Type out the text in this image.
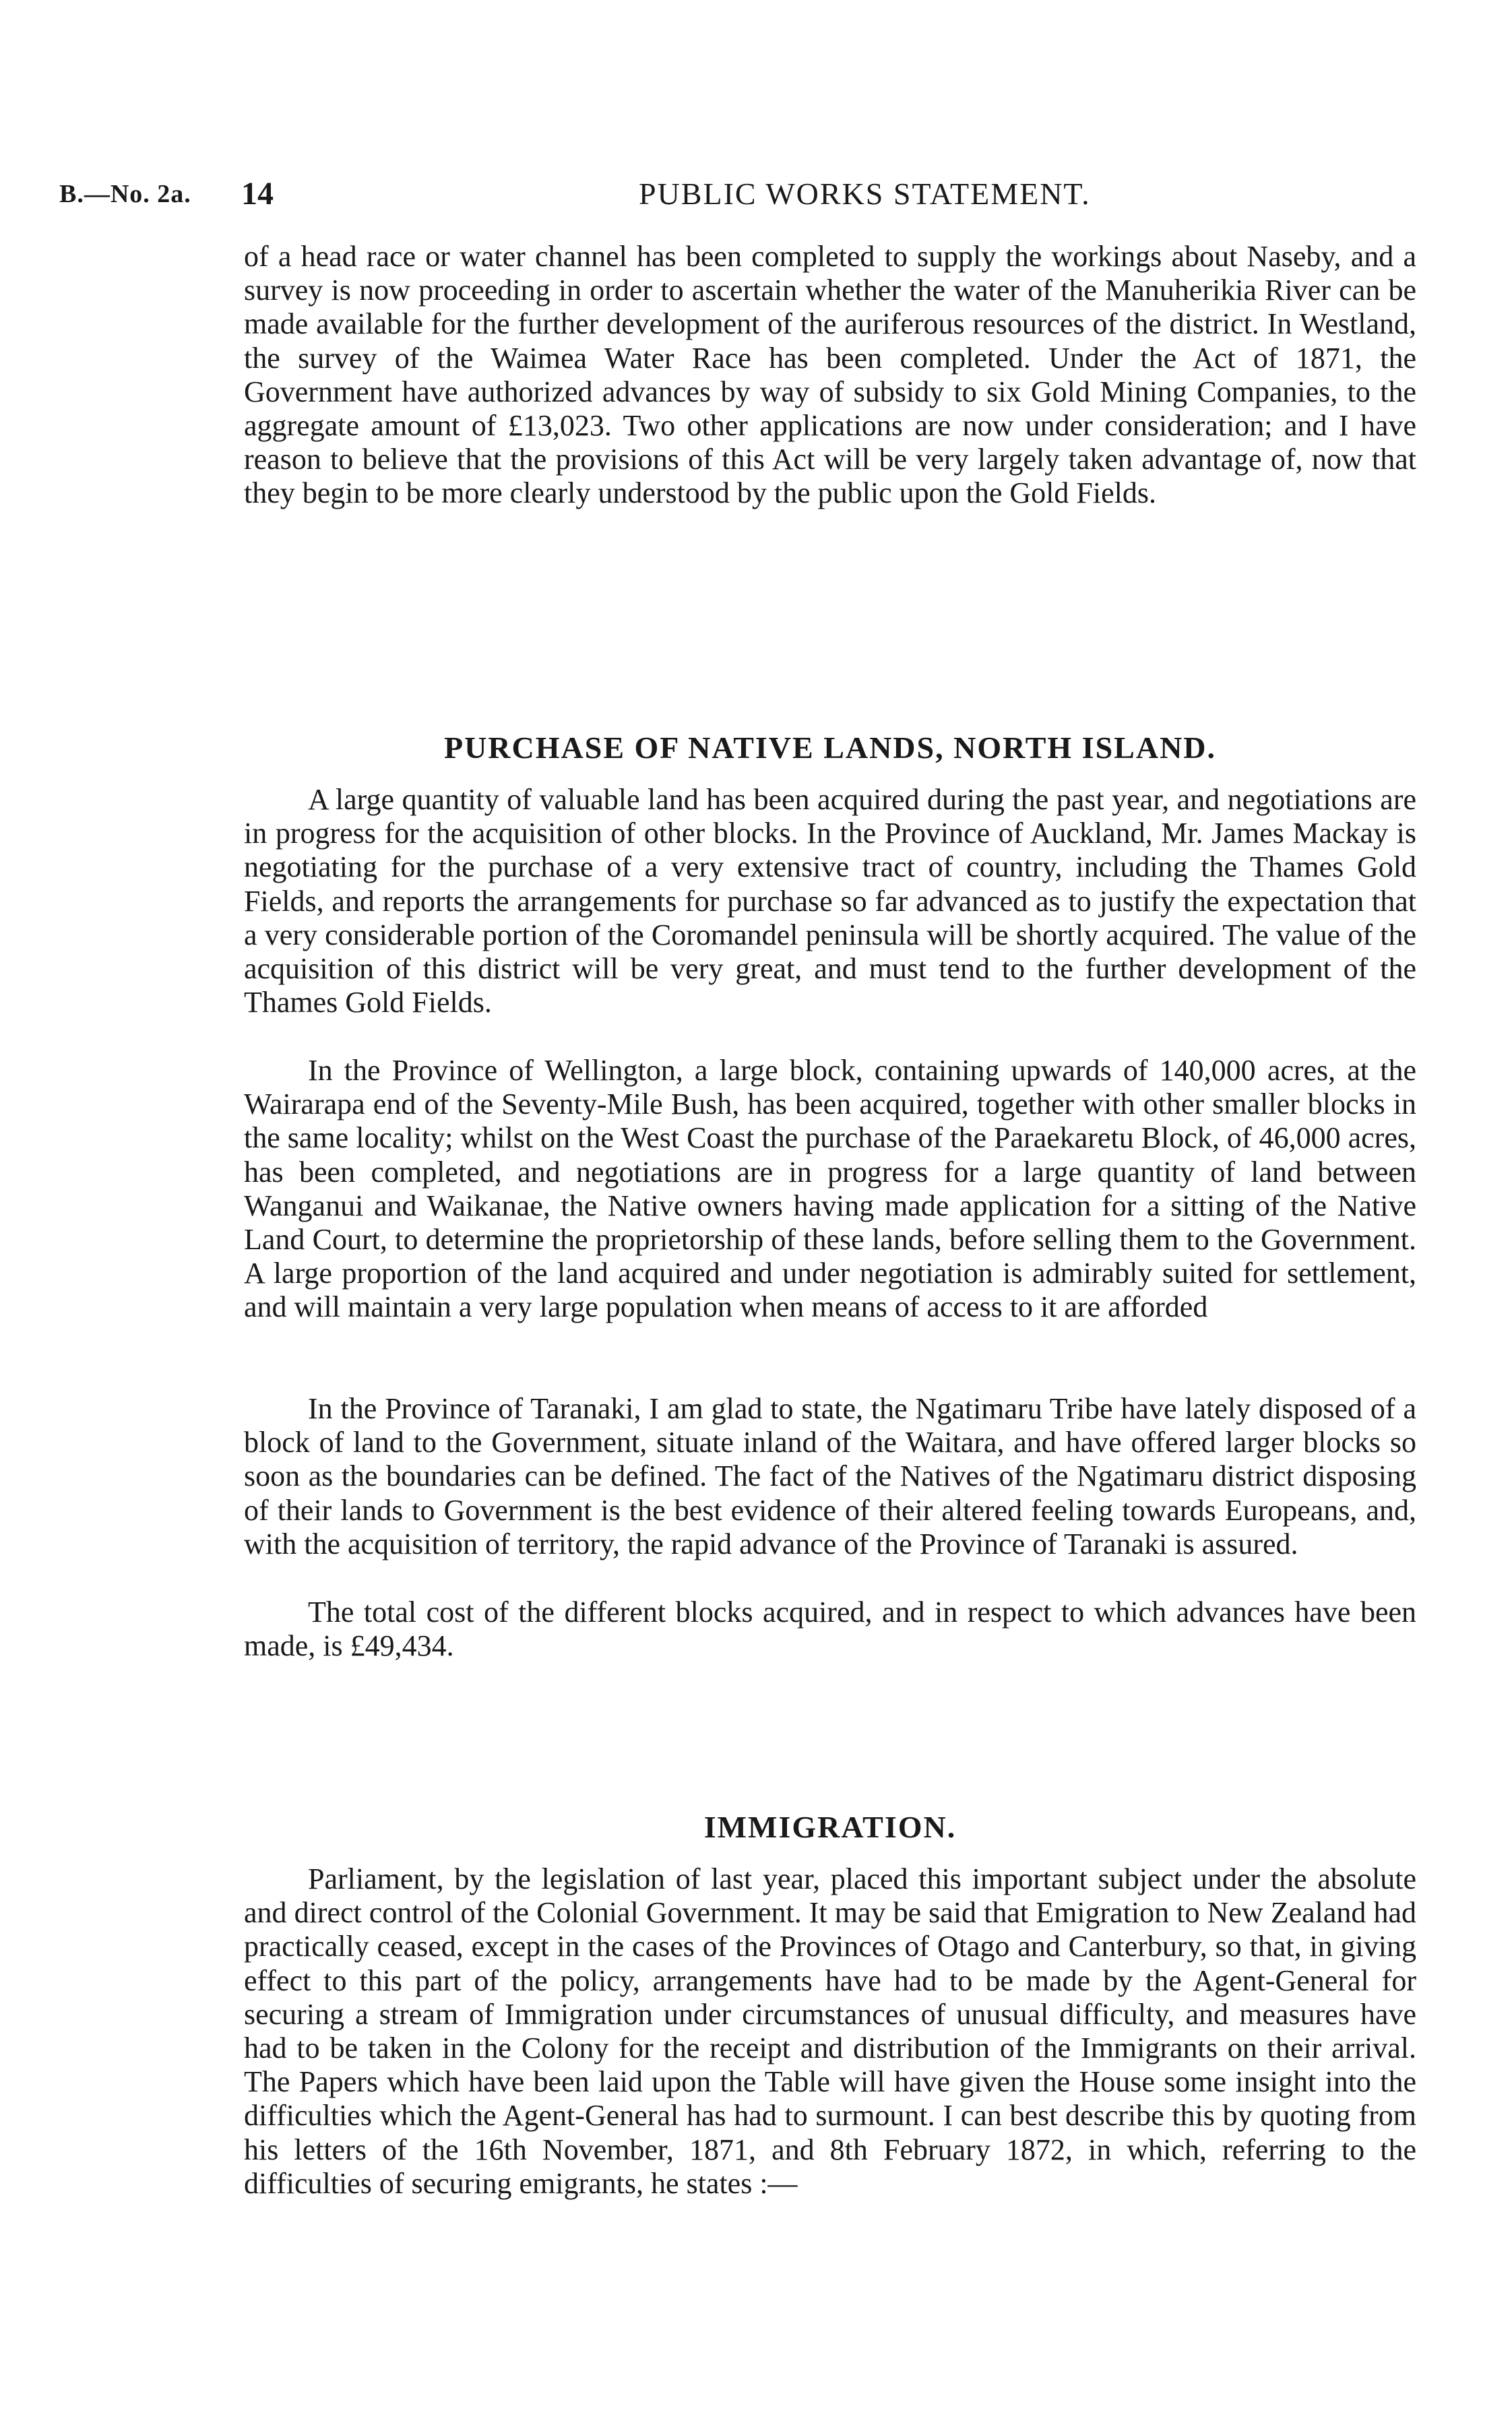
B.—No. 2a. 14	PUBLIC WORKS STATEMENT.

of a head race or water channel has been completed to supply the workings about Naseby, and a survey is now proceeding in order to ascertain whether the water of the Manuherikia River can be made available for the further development of the auriferous resources of the district. In Westland, the survey of the Waimea Water Race has been completed. Under the Act of 1871, the Government have authorized advances by way of subsidy to six Gold Mining Companies, to the aggregate amount of £13,023. Two other applications are now under consideration; and I have reason to believe that the provisions of this Act will be very largely taken advantage of, now that they begin to be more clearly understood by the public upon the Gold Fields.

PURCHASE OF NATIVE LANDS, NORTH ISLAND.

A large quantity of valuable land has been acquired during the past year, and negotiations are in progress for the acquisition of other blocks. In the Province of Auckland, Mr. James Mackay is negotiating for the purchase of a very extensive tract of country, including the Thames Gold Fields, and reports the arrangements for purchase so far advanced as to justify the expectation that a very considerable portion of the Coromandel peninsula will be shortly acquired. The value of the acquisition of this district will be very great, and must tend to the further development of the Thames Gold Fields.

In the Province of Wellington, a large block, containing upwards of 140,000 acres, at the Wairarapa end of the Seventy-Mile Bush, has been acquired, together with other smaller blocks in the same locality; whilst on the West Coast the purchase of the Paraekaretu Block, of 46,000 acres, has been completed, and negotiations are in progress for a large quantity of land between Wanganui and Waikanae, the Native owners having made application for a sitting of the Native Land Court, to determine the proprietorship of these lands, before selling them to the Government. A large proportion of the land acquired and under negotiation is admirably suited for settlement, and will maintain a very large population when means of access to it are afforded

In the Province of Taranaki, I am glad to state, the Ngatimaru Tribe have lately disposed of a block of land to the Government, situate inland of the Waitara, and have offered larger blocks so soon as the boundaries can be defined. The fact of the Natives of the Ngatimaru district disposing of their lands to Government is the best evidence of their altered feeling towards Europeans, and, with the acquisition of territory, the rapid advance of the Province of Taranaki is assured.

The total cost of the different blocks acquired, and in respect to which advances have been made, is £49,434.

IMMIGRATION.

Parliament, by the legislation of last year, placed this important subject under the absolute and direct control of the Colonial Government. It may be said that Emigration to New Zealand had practically ceased, except in the cases of the Provinces of Otago and Canterbury, so that, in giving effect to this part of the policy, arrangements have had to be made by the Agent-General for securing a stream of Immigration under circumstances of unusual difficulty, and measures have had to be taken in the Colony for the receipt and distribution of the Immigrants on their arrival. The Papers which have been laid upon the Table will have given the House some insight into the difficulties which the Agent-General has had to surmount. I can best describe this by quoting from his letters of the 16th November, 1871, and 8th February 1872, in which, referring to the difficulties of securing emigrants, he states :—
